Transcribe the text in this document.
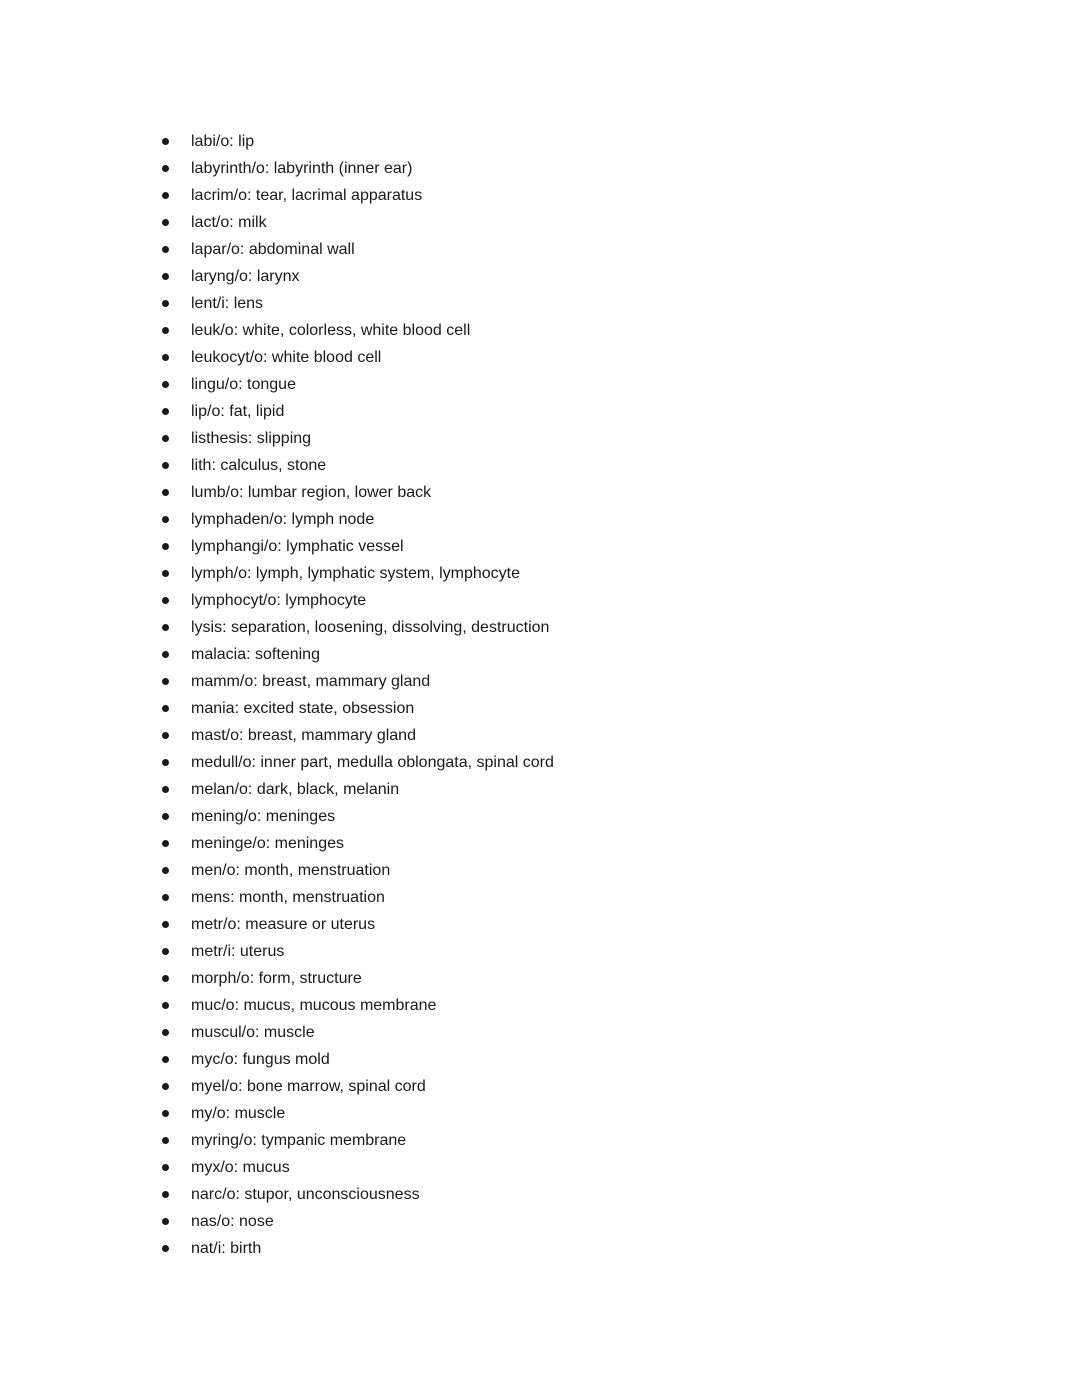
labi/o: lip
labyrinth/o: labyrinth (inner ear)
lacrim/o: tear, lacrimal apparatus
lact/o: milk
lapar/o: abdominal wall
laryng/o: larynx
lent/i: lens
leuk/o: white, colorless, white blood cell
leukocyt/o: white blood cell
lingu/o: tongue
lip/o: fat, lipid
listhesis: slipping
lith: calculus, stone
lumb/o: lumbar region, lower back
lymphaden/o: lymph node
lymphangi/o: lymphatic vessel
lymph/o: lymph, lymphatic system, lymphocyte
lymphocyt/o: lymphocyte
lysis: separation, loosening, dissolving, destruction
malacia: softening
mamm/o: breast, mammary gland
mania: excited state, obsession
mast/o: breast, mammary gland
medull/o: inner part, medulla oblongata, spinal cord
melan/o: dark, black, melanin
mening/o: meninges
meninge/o: meninges
men/o: month, menstruation
mens: month, menstruation
metr/o: measure or uterus
metr/i: uterus
morph/o: form, structure
muc/o: mucus, mucous membrane
muscul/o: muscle
myc/o: fungus mold
myel/o: bone marrow, spinal cord
my/o: muscle
myring/o: tympanic membrane
myx/o: mucus
narc/o: stupor, unconsciousness
nas/o: nose
nat/i: birth
